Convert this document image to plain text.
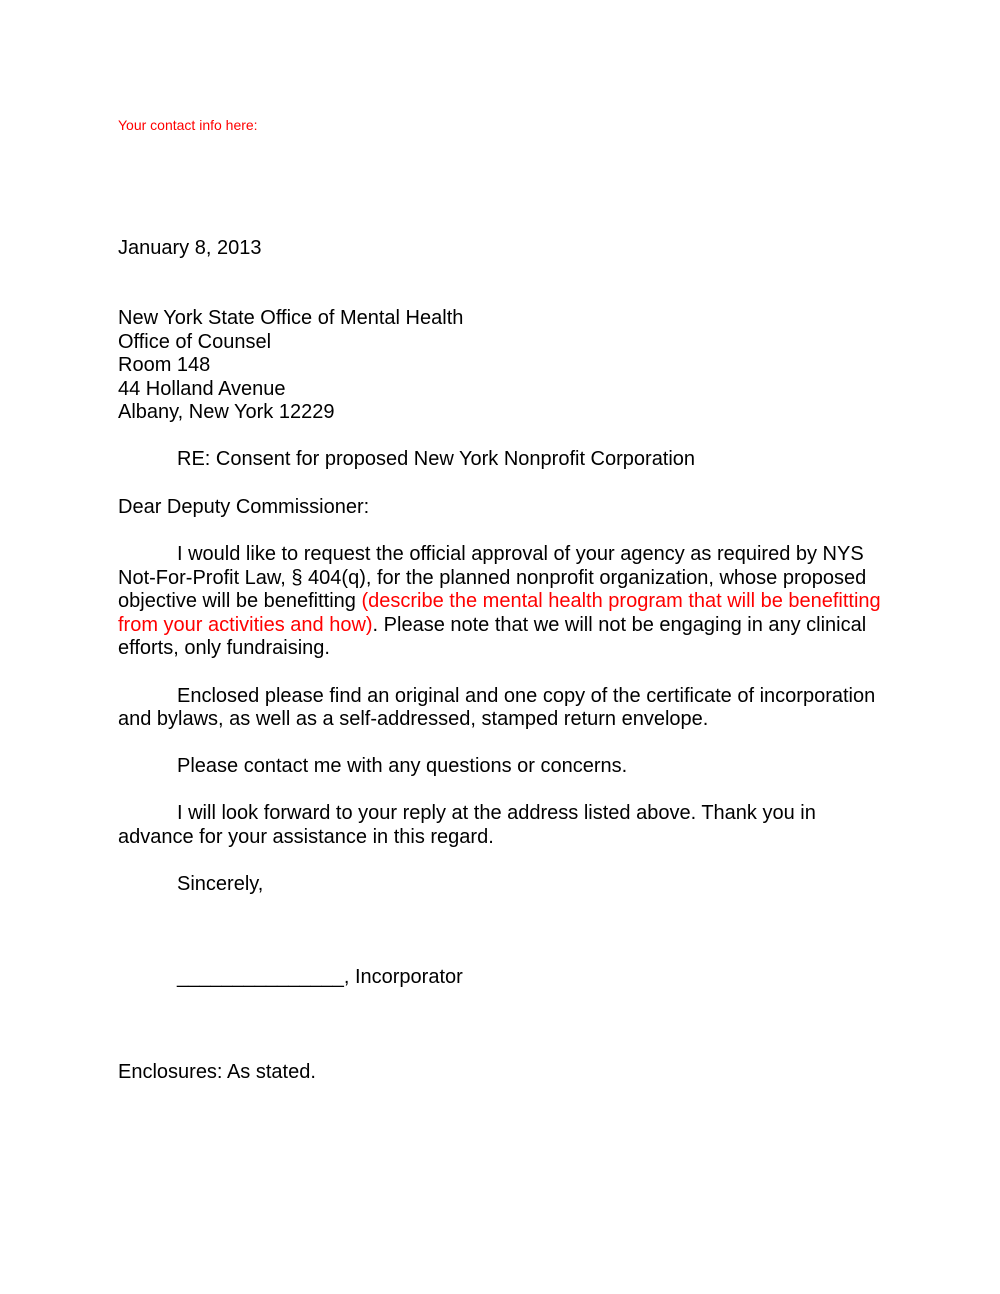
Your contact info here:
January 8, 2013
New York State Office of Mental Health
Office of Counsel
Room 148
44 Holland Avenue
Albany, New York 12229
RE: Consent for proposed New York Nonprofit Corporation
Dear Deputy Commissioner:
I would like to request the official approval of your agency as required by NYS
Not-For-Profit Law, § 404(q), for the planned nonprofit organization, whose proposed
objective will be benefitting (describe the mental health program that will be benefitting
from your activities and how). Please note that we will not be engaging in any clinical
efforts, only fundraising.
Enclosed please find an original and one copy of the certificate of incorporation
and bylaws, as well as a self-addressed, stamped return envelope.
Please contact me with any questions or concerns.
I will look forward to your reply at the address listed above. Thank you in
advance for your assistance in this regard.
Sincerely,
_______________, Incorporator
Enclosures: As stated.
